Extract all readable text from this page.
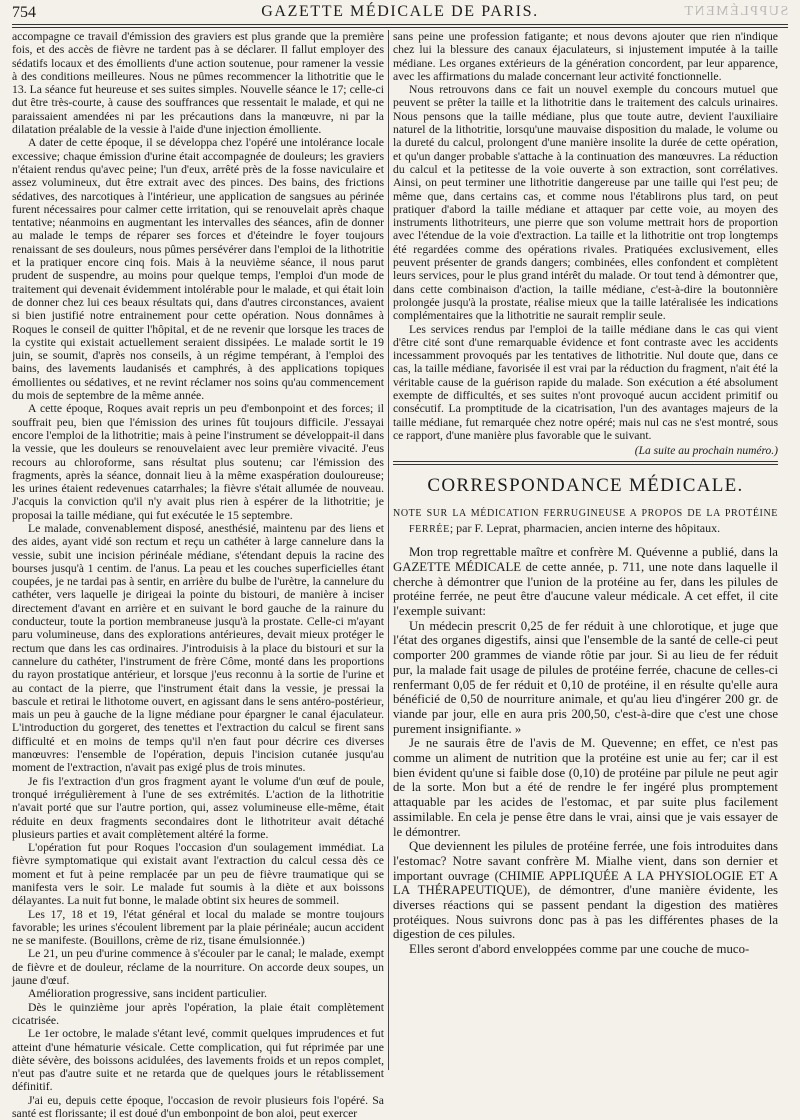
754	GAZETTE MÉDICALE DE PARIS.	SUPPLÉMENT

accompagne ce travail d'émission des graviers est plus grande que la première fois, et des accès de fièvre ne tardent pas à se déclarer. Il fallut employer des sédatifs locaux et des émollients d'une action soutenue, pour ramener la vessie à des conditions meilleures. Nous ne pûmes recommencer la lithotritie que le 13. La séance fut heureuse et ses suites simples. Nouvelle séance le 17; celle-ci dut être très-courte, à cause des souffrances que ressentait le malade, et qui ne paraissaient amendées ni par les précautions dans la manœuvre, ni par la dilatation préalable de la vessie à l'aide d'une injection émolliente.

A dater de cette époque, il se développa chez l'opéré une intolérance locale excessive; chaque émission d'urine était accompagnée de douleurs; les graviers n'étaient rendus qu'avec peine; l'un d'eux, arrêté près de la fosse naviculaire et assez volumineux, dut être extrait avec des pinces. Des bains, des frictions sédatives, des narcotiques à l'intérieur, une application de sangsues au périnée furent nécessaires pour calmer cette irritation, qui se renouvelait après chaque tentative; néanmoins en augmentant les intervalles des séances, afin de donner au malade le temps de réparer ses forces et d'éteindre le foyer toujours renaissant de ses douleurs, nous pûmes persévérer dans l'emploi de la lithotritie et la pratiquer encore cinq fois. Mais à la neuvième séance, il nous parut prudent de suspendre, au moins pour quelque temps, l'emploi d'un mode de traitement qui devenait évidemment intolérable pour le malade, et qui était loin de donner chez lui ces beaux résultats qui, dans d'autres circonstances, avaient si bien justifié notre entrainement pour cette opération. Nous donnâmes à Roques le conseil de quitter l'hôpital, et de ne revenir que lorsque les traces de la cystite qui existait actuellement seraient dissipées. Le malade sortit le 19 juin, se soumit, d'après nos conseils, à un régime tempérant, à l'emploi des bains, des lavements laudanisés et camphrés, à des applications topiques émollientes ou sédatives, et ne revint réclamer nos soins qu'au commencement du mois de septembre de la même année.

A cette époque, Roques avait repris un peu d'embonpoint et des forces; il souffrait peu, bien que l'émission des urines fût toujours difficile. J'essayai encore l'emploi de la lithotritie; mais à peine l'instrument se développait-il dans la vessie, que les douleurs se renouvelaient avec leur première vivacité. J'eus recours au chloroforme, sans résultat plus soutenu; car l'émission des fragments, après la séance, donnait lieu à la même exaspération douloureuse; les urines étaient redevenues catarrhales; la fièvre s'était allumée de nouveau. J'acquis la conviction qu'il n'y avait plus rien à espérer de la lithotritie; je proposai la taille médiane, qui fut exécutée le 15 septembre.

Le malade, convenablement disposé, anesthésié, maintenu par des liens et des aides, ayant vidé son rectum et reçu un cathéter à large cannelure dans la vessie, subit une incision périnéale médiane, s'étendant depuis la racine des bourses jusqu'à 1 centim. de l'anus. La peau et les couches superficielles étant coupées, je ne tardai pas à sentir, en arrière du bulbe de l'urètre, la cannelure du cathéter, vers laquelle je dirigeai la pointe du bistouri, de manière à inciser directement d'avant en arrière et en suivant le bord gauche de la rainure du conducteur, toute la portion membraneuse jusqu'à la prostate. Celle-ci m'ayant paru volumineuse, dans des explorations antérieures, devait mieux protéger le rectum que dans les cas ordinaires. J'introduisis à la place du bistouri et sur la cannelure du cathéter, l'instrument de frère Côme, monté dans les proportions du rayon prostatique antérieur, et lorsque j'eus reconnu à la sortie de l'urine et au contact de la pierre, que l'instrument était dans la vessie, je pressai la bascule et retirai le lithotome ouvert, en agissant dans le sens antéro-postérieur, mais un peu à gauche de la ligne médiane pour épargner le canal éjaculateur. L'introduction du gorgeret, des tenettes et l'extraction du calcul se firent sans difficulté et en moins de temps qu'il n'en faut pour décrire ces diverses manœuvres: l'ensemble de l'opération, depuis l'incision cutanée jusqu'au moment de l'extraction, n'avait pas exigé plus de trois minutes.

Je fis l'extraction d'un gros fragment ayant le volume d'un œuf de poule, tronqué irrégulièrement à l'une de ses extrémités. L'action de la lithotritie n'avait porté que sur l'autre portion, qui, assez volumineuse elle-même, était réduite en deux fragments secondaires dont le lithotriteur avait détaché plusieurs parties et avait complètement altéré la forme.

L'opération fut pour Roques l'occasion d'un soulagement immédiat. La fièvre symptomatique qui existait avant l'extraction du calcul cessa dès ce moment et fut à peine remplacée par un peu de fièvre traumatique qui se manifesta vers le soir. Le malade fut soumis à la diète et aux boissons délayantes. La nuit fut bonne, le malade obtint six heures de sommeil.

Les 17, 18 et 19, l'état général et local du malade se montre toujours favorable; les urines s'écoulent librement par la plaie périnéale; aucun accident ne se manifeste. (Bouillons, crème de riz, tisane émulsionnée.)

Le 21, un peu d'urine commence à s'écouler par le canal; le malade, exempt de fièvre et de douleur, réclame de la nourriture. On accorde deux soupes, un jaune d'œuf.

Amélioration progressive, sans incident particulier.

Dès le quinzième jour après l'opération, la plaie était complètement cicatrisée.

Le 1er octobre, le malade s'étant levé, commit quelques imprudences et fut atteint d'une hématurie vésicale. Cette complication, qui fut réprimée par une diète sévère, des boissons acidulées, des lavements froids et un repos complet, n'eut pas d'autre suite et ne retarda que de quelques jours le rétablissement définitif.

J'ai eu, depuis cette époque, l'occasion de revoir plusieurs fois l'opéré. Sa santé est florissante; il est doué d'un embonpoint de bon aloi, peut exercer

sans peine une profession fatigante; et nous devons ajouter que rien n'indique chez lui la blessure des canaux éjaculateurs, si injustement imputée à la taille médiane. Les organes extérieurs de la génération concordent, par leur apparence, avec les affirmations du malade concernant leur activité fonctionnelle.

Nous retrouvons dans ce fait un nouvel exemple du concours mutuel que peuvent se prêter la taille et la lithotritie dans le traitement des calculs urinaires. Nous pensons que la taille médiane, plus que toute autre, devient l'auxiliaire naturel de la lithotritie, lorsqu'une mauvaise disposition du malade, le volume ou la dureté du calcul, prolongent d'une manière insolite la durée de cette opération, et qu'un danger probable s'attache à la continuation des manœuvres. La réduction du calcul et la petitesse de la voie ouverte à son extraction, sont corrélatives. Ainsi, on peut terminer une lithotritie dangereuse par une taille qui l'est peu; de même que, dans certains cas, et comme nous l'établirons plus tard, on peut pratiquer d'abord la taille médiane et attaquer par cette voie, au moyen des instruments lithotriteurs, une pierre que son volume mettrait hors de proportion avec l'étendue de la voie d'extraction. La taille et la lithotritie ont trop longtemps été regardées comme des opérations rivales. Pratiquées exclusivement, elles peuvent présenter de grands dangers; combinées, elles confondent et complètent leurs services, pour le plus grand intérêt du malade. Or tout tend à démontrer que, dans cette combinaison d'action, la taille médiane, c'est-à-dire la boutonnière prolongée jusqu'à la prostate, réalise mieux que la taille latéralisée les indications complémentaires que la lithotritie ne saurait remplir seule.

Les services rendus par l'emploi de la taille médiane dans le cas qui vient d'être cité sont d'une remarquable évidence et font contraste avec les accidents incessamment provoqués par les tentatives de lithotritie. Nul doute que, dans ce cas, la taille médiane, favorisée il est vrai par la réduction du fragment, n'ait été la véritable cause de la guérison rapide du malade. Son exécution a été absolument exempte de difficultés, et ses suites n'ont provoqué aucun accident primitif ou consécutif. La promptitude de la cicatrisation, l'un des avantages majeurs de la taille médiane, fut remarquée chez notre opéré; mais nul cas ne s'est montré, sous ce rapport, d'une manière plus favorable que le suivant.

(La suite au prochain numéro.)

CORRESPONDANCE MÉDICALE.

NOTE SUR LA MÉDICATION FERRUGINEUSE A PROPOS DE LA PROTÉINE FERRÉE; par F. Leprat, pharmacien, ancien interne des hôpitaux.

Mon trop regrettable maître et confrère M. Quévenne a publié, dans la GAZETTE MÉDICALE de cette année, p. 711, une note dans laquelle il cherche à démontrer que l'union de la protéine au fer, dans les pilules de protéine ferrée, ne peut être d'aucune valeur médicale. A cet effet, il cite l'exemple suivant:

Un médecin prescrit 0,25 de fer réduit à une chlorotique, et juge que l'état des organes digestifs, ainsi que l'ensemble de la santé de celle-ci peut comporter 200 grammes de viande rôtie par jour. Si au lieu de fer réduit pur, la malade fait usage de pilules de protéine ferrée, chacune de celles-ci renfermant 0,05 de fer réduit et 0,10 de protéine, il en résulte qu'elle aura bénéficié de 0,50 de nourriture animale, et qu'au lieu d'ingérer 200 gr. de viande par jour, elle en aura pris 200,50, c'est-à-dire que c'est une chose purement insignifiante. »

Je ne saurais être de l'avis de M. Quevenne; en effet, ce n'est pas comme un aliment de nutrition que la protéine est unie au fer; car il est bien évident qu'une si faible dose (0,10) de protéine par pilule ne peut agir de la sorte. Mon but a été de rendre le fer ingéré plus promptement attaquable par les acides de l'estomac, et par suite plus facilement assimilable. En cela je pense être dans le vrai, ainsi que je vais essayer de le démontrer.

Que deviennent les pilules de protéine ferrée, une fois introduites dans l'estomac? Notre savant confrère M. Mialhe vient, dans son dernier et important ouvrage (CHIMIE APPLIQUÉE A LA PHYSIOLOGIE ET A LA THÉRAPEUTIQUE), de démontrer, d'une manière évidente, les diverses réactions qui se passent pendant la digestion des matières protéiques. Nous suivrons donc pas à pas les différentes phases de la digestion de ces pilules.

Elles seront d'abord enveloppées comme par une couche de muco-
